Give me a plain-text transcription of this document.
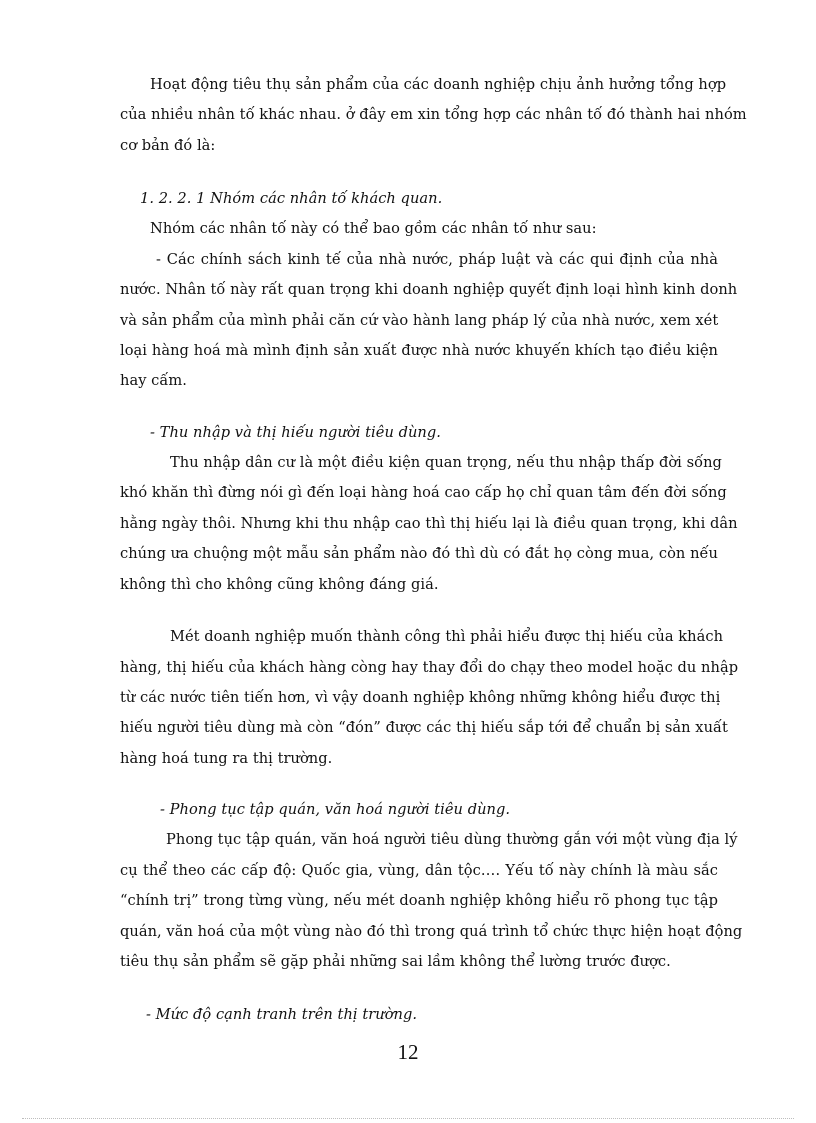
Hoạt động tiêu thụ sản phẩm của các doanh nghiệp chịu ảnh hưởng tổng hợp
của nhiều nhân tố khác nhau. ở đây em xin tổng hợp các nhân tố đó thành hai nhóm
cơ bản đó là:
1. 2. 2. 1 Nhóm các nhân tố khách quan.
Nhóm các nhân tố này có thể bao gồm các nhân tố như sau:
- Các chính sách kinh tế của nhà nước, pháp luật và các qui định của nhà
nước. Nhân tố này rất quan trọng khi doanh nghiệp quyết định loại hình kinh donh
và sản phẩm của mình phải căn cứ vào hành lang pháp lý của nhà nước, xem xét
loại hàng hoá mà mình định sản xuất được nhà nước khuyến khích tạo điều kiện
hay cấm.
- Thu nhập và thị hiếu người tiêu dùng.
Thu nhập dân cư là một điều kiện quan trọng, nếu thu nhập thấp đời sống
khó khăn thì đừng nói gì đến loại hàng hoá cao cấp họ chỉ quan tâm đến đời sống
hằng ngày thôi. Nhưng khi thu nhập cao thì thị hiếu lại là điều quan trọng, khi dân
chúng ưa chuộng một mẫu sản phẩm nào đó thì dù có đắt họ còng mua, còn nếu
không thì cho không cũng không đáng giá.
Mét doanh nghiệp muốn thành công thì phải hiểu được thị hiếu của khách
hàng, thị hiếu của khách hàng còng hay thay đổi do chạy theo model hoặc du nhập
từ các nước tiên tiến hơn, vì vậy doanh nghiệp không những không hiểu được thị
hiếu người tiêu dùng mà còn “đón” được các thị hiếu sắp tới để chuẩn bị sản xuất
hàng hoá tung ra thị trường.
- Phong tục tập quán, văn hoá người tiêu dùng.
Phong tục tập quán, văn hoá người tiêu dùng thường gắn với một vùng địa lý
cụ thể theo các cấp độ: Quốc gia, vùng, dân tộc…. Yếu tố này chính là màu sắc
“chính trị” trong từng vùng, nếu mét doanh nghiệp không hiểu rõ phong tục tập
quán, văn hoá của một vùng nào đó thì trong quá trình tổ chức thực hiện hoạt động
tiêu thụ sản phẩm sẽ gặp phải những sai lầm không thể lường trước được.
- Mức độ cạnh tranh trên thị trường.
12
